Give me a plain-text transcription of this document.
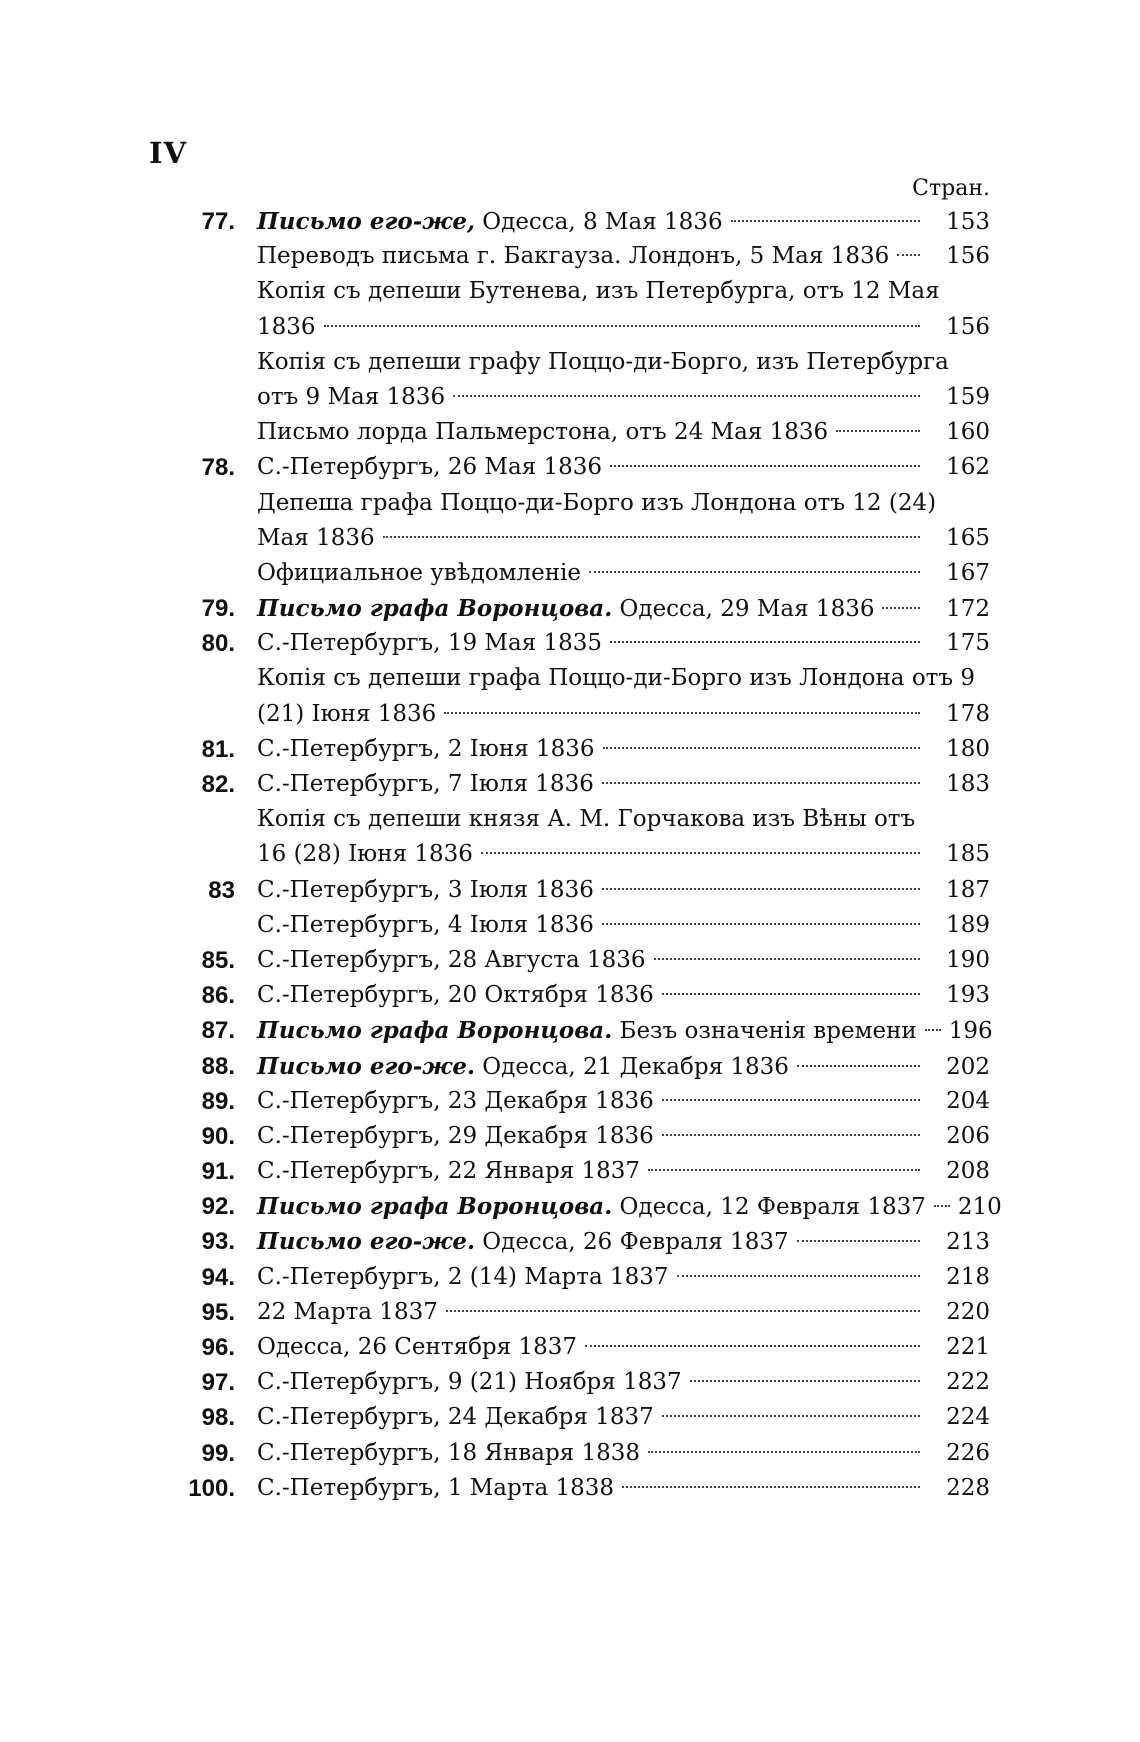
IV
Стран.
77. Письмо его-же, Одесса, 8 Мая 1836	153
Переводъ письма г. Бакгауза. Лондонъ, 5 Мая 1836	156
Копія съ депеши Бутенева, изъ Петербурга, отъ 12 Мая
1836	156
Копія съ депеши графу Поццо-ди-Борго, изъ Петербурга
отъ 9 Мая 1836	159
Письмо лорда Пальмерстона, отъ 24 Мая 1836	160
78. С.-Петербургъ, 26 Мая 1836	162
Депеша графа Поццо-ди-Борго изъ Лондона отъ 12 (24)
Мая 1836	165
Официальное увѣдомленіе	167
79. Письмо графа Воронцова. Одесса, 29 Мая 1836	172
80. С.-Петербургъ, 19 Мая 1835	175
Копія съ депеши графа Поццо-ди-Борго изъ Лондона отъ 9
(21) Іюня 1836	178
81. С.-Петербургъ, 2 Іюня 1836	180
82. С.-Петербургъ, 7 Іюля 1836	183
Копія съ депеши князя А. М. Горчакова изъ Вѣны отъ
16 (28) Іюня 1836	185
83 С.-Петербургъ, 3 Іюля 1836	187
С.-Петербургъ, 4 Іюля 1836	189
85. С.-Петербургъ, 28 Августа 1836	190
86. С.-Петербургъ, 20 Октября 1836	193
87. Письмо графа Воронцова. Безъ означенія времени 196
88. Письмо его-же. Одесса, 21 Декабря 1836	202
89. С.-Петербургъ, 23 Декабря 1836	204
90. С.-Петербургъ, 29 Декабря 1836	206
91. С.-Петербургъ, 22 Января 1837	208
92. Письмо графа Воронцова. Одесса, 12 Февраля 1837 210
93. Письмо его-же. Одесса, 26 Февраля 1837	213
94. С.-Петербургъ, 2 (14) Марта 1837	218
95. 22 Марта 1837	220
96. Одесса, 26 Сентября 1837	221
97. С.-Петербургъ, 9 (21) Ноября 1837	222
98. С.-Петербургъ, 24 Декабря 1837	224
99. С.-Петербургъ, 18 Января 1838	226
100. С.-Петербургъ, 1 Марта 1838	228
